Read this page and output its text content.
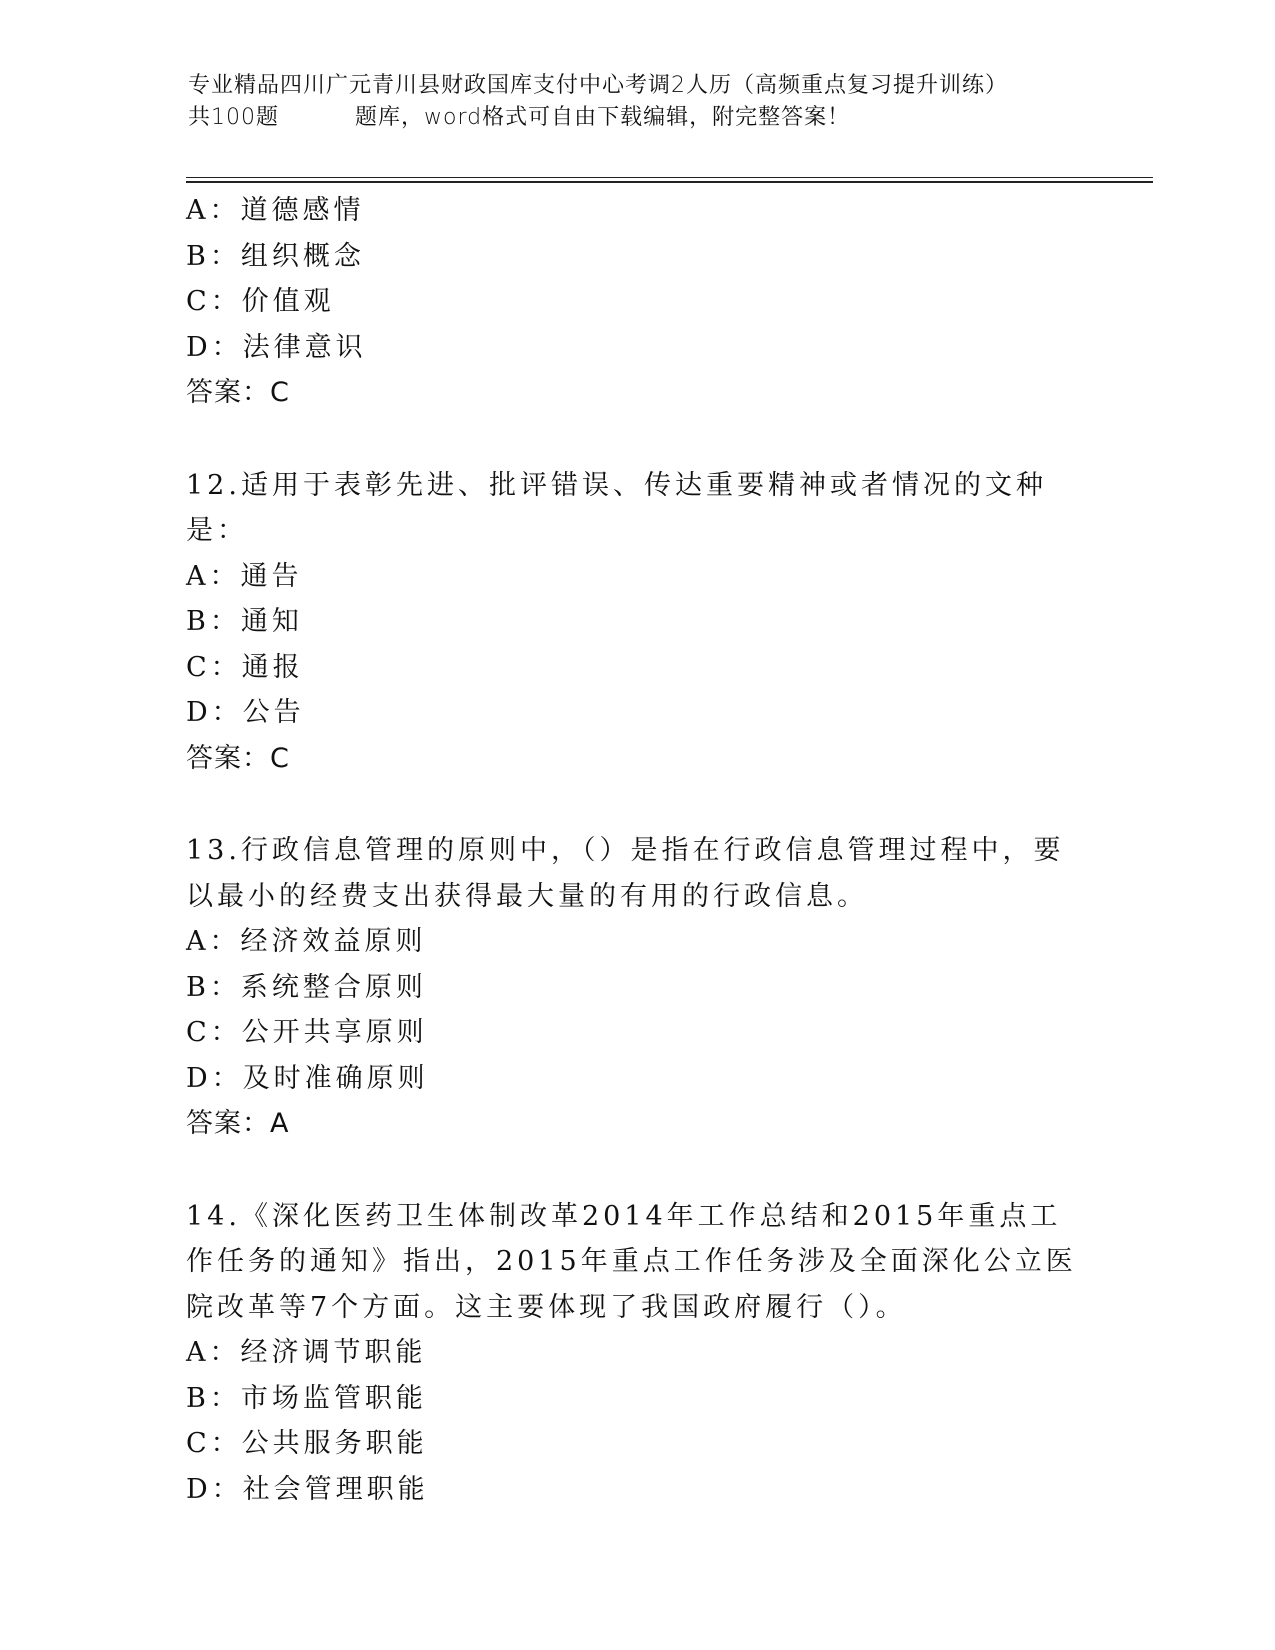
专业精品四川广元青川县财政国库支付中心考调2人历（高频重点复习提升训练）
共100题	题库，word格式可自由下载编辑，附完整答案！

A：道德感情

B：组织概念

C：价值观

D：法律意识

答案：C

12.适用于表彰先进、批评错误、传达重要精神或者情况的文种是：

A：通告

B：通知

C：通报

D：公告

答案：C

13.行政信息管理的原则中，（）是指在行政信息管理过程中，要以最小的经费支出获得最大量的有用的行政信息。

A：经济效益原则

B：系统整合原则

C：公开共享原则

D：及时准确原则

答案：A

14.《深化医药卫生体制改革2014年工作总结和2015年重点工作任务的通知》指出，2015年重点工作任务涉及全面深化公立医院改革等7个方面。这主要体现了我国政府履行（）。

A：经济调节职能

B：市场监管职能

C：公共服务职能

D：社会管理职能
